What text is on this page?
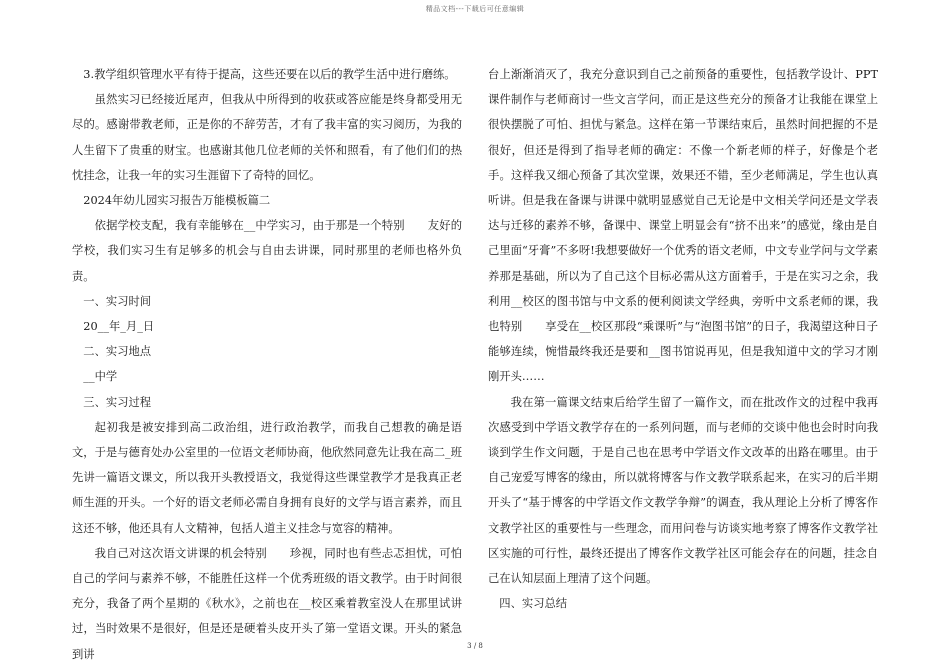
精品文档---下载后可任意编辑

3.教学组织管理水平有待于提高，这些还要在以后的教学生活中进行磨练。

虽然实习已经接近尾声，但我从中所得到的收获或答应能是终身都受用无尽的。感谢带教老师，正是你的不辞劳苦，才有了我丰富的实习阅历，为我的人生留下了贵重的财宝。也感谢其他几位老师的关怀和照看，有了他们们的热忱挂念，让我一年的实习生涯留下了奇特的回忆。

2024年幼儿园实习报告万能模板篇二

依据学校支配，我有幸能够在__中学实习，由于那是一个特别　　友好的学校，我们实习生有足够多的机会与自由去讲课，同时那里的老师也格外负责。

一、实习时间

20__年_月_日

二、实习地点

__中学

三、实习过程

起初我是被安排到高二政治组，进行政治教学，而我自己想教的确是语文，于是与德育处办公室里的一位语文老师协商，他欣然同意先让我在高二_班先讲一篇语文课文，所以我开头教授语文，我觉得这些课堂教学才是我真正老师生涯的开头。一个好的语文老师必需自身拥有良好的文学与语言素养，而且这还不够，他还具有人文精神，包括人道主义挂念与宽容的精神。

我自己对这次语文讲课的机会特别　　珍视，同时也有些忐忑担忧，可怕自己的学问与素养不够，不能胜任这样一个优秀班级的语文教学。由于时间很充分，我备了两个星期的《秋水》，之前也在__校区乘着教室没人在那里试讲过，当时效果不是很好，但是还是硬着头皮开头了第一堂语文课。开头的紧急到讲

台上渐渐消灭了，我充分意识到自己之前预备的重要性，包括教学设计、PPT课件制作与老师商讨一些文言学问，而正是这些充分的预备才让我能在课堂上很快摆脱了可怕、担忧与紧急。这样在第一节课结束后，虽然时间把握的不是很好，但还是得到了指导老师的确定：不像一个新老师的样子，好像是个老手。这样我又细心预备了其次堂课，效果还不错，至少老师满足，学生也认真听讲。但是我在备课与讲课中就明显感觉自己无论是中文相关学问还是文学表达与迁移的素养不够，备课中、课堂上明显会有“挤不出来”的感觉，缘由是自己里面“牙膏”不多呀!我想要做好一个优秀的语文老师，中文专业学问与文学素养那是基础，所以为了自己这个目标必需从这方面着手，于是在实习之余，我利用__校区的图书馆与中文系的便利阅读文学经典，旁听中文系老师的课，我也特别　　享受在__校区那段“乘课听”与“泡图书馆”的日子，我渴望这种日子能够连续，惋惜最终我还是要和__图书馆说再见，但是我知道中文的学习才刚刚开头……

我在第一篇课文结束后给学生留了一篇作文，而在批改作文的过程中我再次感受到中学语文教学存在的一系列问题，而与老师的交谈中他也会时时向我谈到学生作文问题，于是自己也在思考中学语文作文改革的出路在哪里。由于自己宠爱写博客的缘由，所以就将博客与作文教学联系起来，在实习的后半期开头了“基于博客的中学语文作文教学争辩”的调查，我从理论上分析了博客作文教学社区的重要性与一些理念，而用问卷与访谈实地考察了博客作文教学社区实施的可行性，最终还提出了博客作文教学社区可能会存在的问题，挂念自己在认知层面上理清了这个问题。

四、实习总结

3 / 8
